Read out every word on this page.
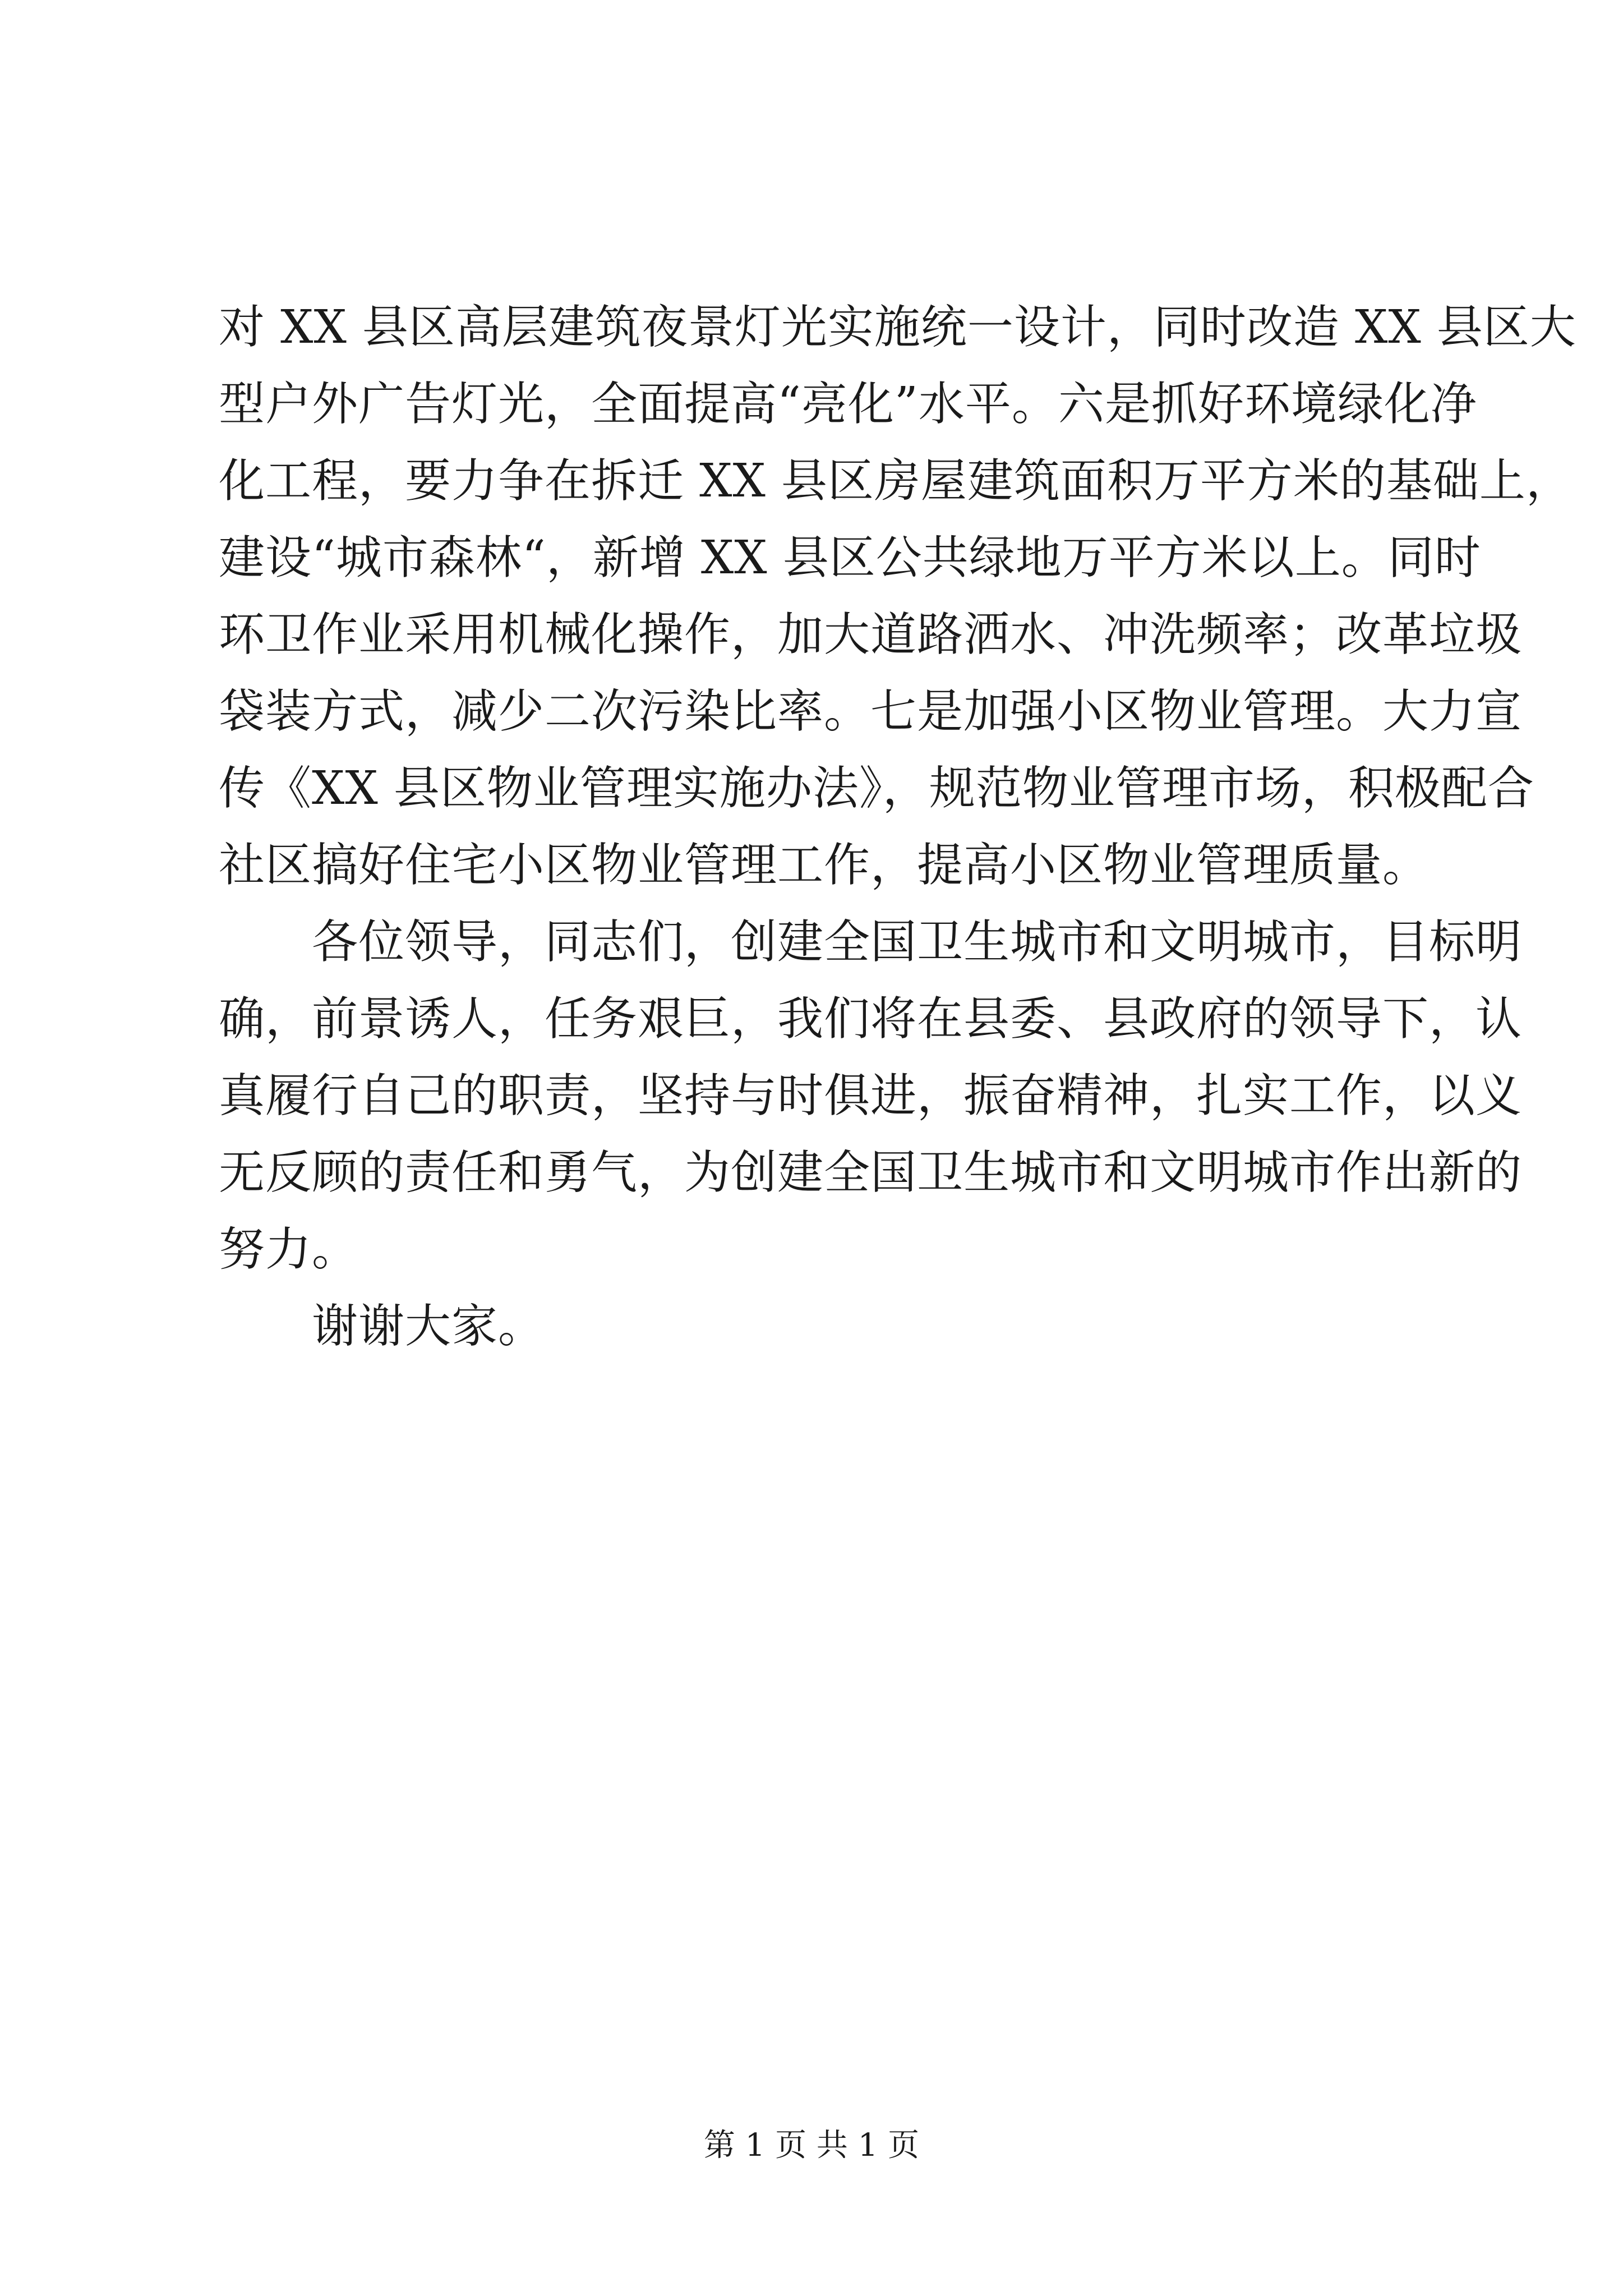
对 XX 县区高层建筑夜景灯光实施统一设计，同时改造 XX 县区大
型户外广告灯光，全面提高“亮化”水平。六是抓好环境绿化净
化工程，要力争在拆迁 XX 县区房屋建筑面积万平方米的基础上，
建设“城市森林“，新增 XX 县区公共绿地万平方米以上。同时
环卫作业采用机械化操作，加大道路洒水、冲洗频率；改革垃圾
袋装方式，减少二次污染比率。七是加强小区物业管理。大力宣
传《XX 县区物业管理实施办法》，规范物业管理市场，积极配合
社区搞好住宅小区物业管理工作，提高小区物业管理质量。
　　各位领导，同志们，创建全国卫生城市和文明城市，目标明
确，前景诱人，任务艰巨，我们将在县委、县政府的领导下，认
真履行自己的职责，坚持与时俱进，振奋精神，扎实工作，以义
无反顾的责任和勇气，为创建全国卫生城市和文明城市作出新的
努力。
　　谢谢大家。
第 1 页 共 1 页
